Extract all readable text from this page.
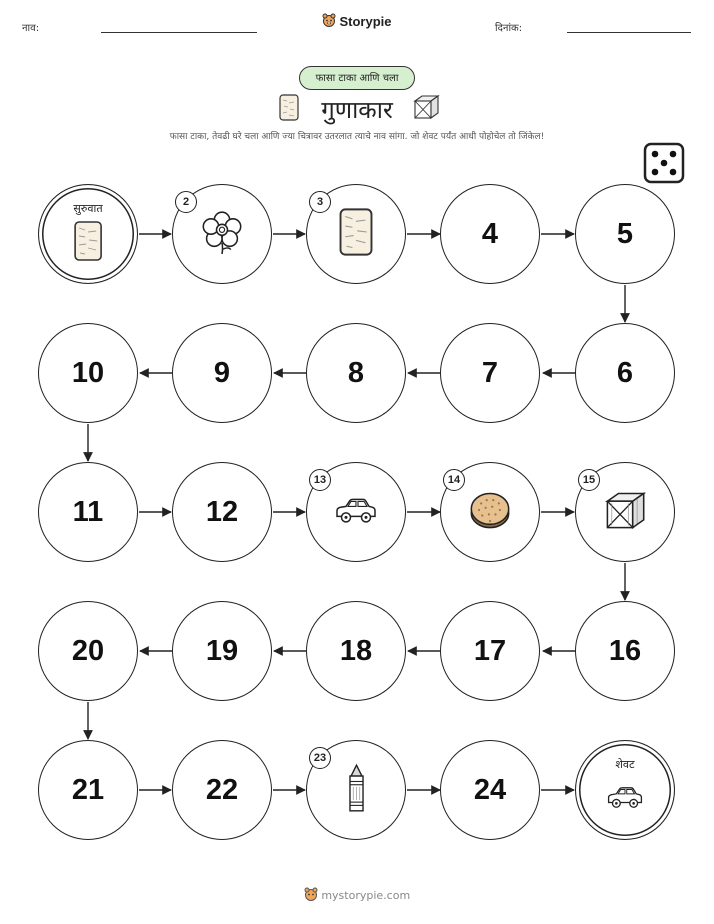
नाव:	Storypie	दिनांक:
फासा टाका आणि चला
गुणाकार
फासा टाका, तेवढी घरे चला आणि ज्या चित्रावर उतरलात त्याचे नाव सांगा. जो शेवट पर्यंत आधी पोहोचेल तो जिंकेल!
शेवट
24
22
21
20	19	18	17	16
12
11
10	9	8	7	6
5
4
सुरुवात	2	3
13	14	15
23
mystorypie.com
